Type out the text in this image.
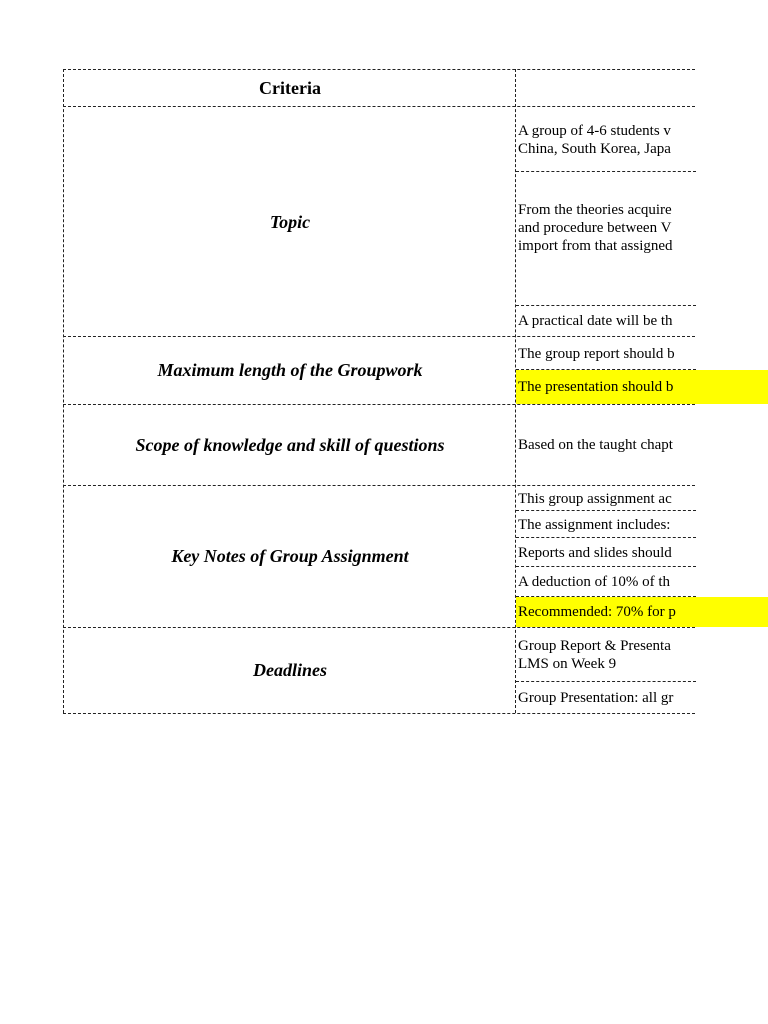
Criteria
Topic
A group of 4-6 students v
China, South Korea, Japa
From the theories acquire
and procedure between V
import from that assigned
A practical date will be th
Maximum length of the Groupwork
The group report should b
The presentation should b
Scope of knowledge and skill of questions	Based on the taught chapt
Key Notes of Group Assignment
This group assignment ac
The assignment includes:
Reports and slides should
A deduction of 10% of th
Recommended: 70% for p
Deadlines
Group Report & Presenta
LMS on Week 9
Group Presentation: all gr
